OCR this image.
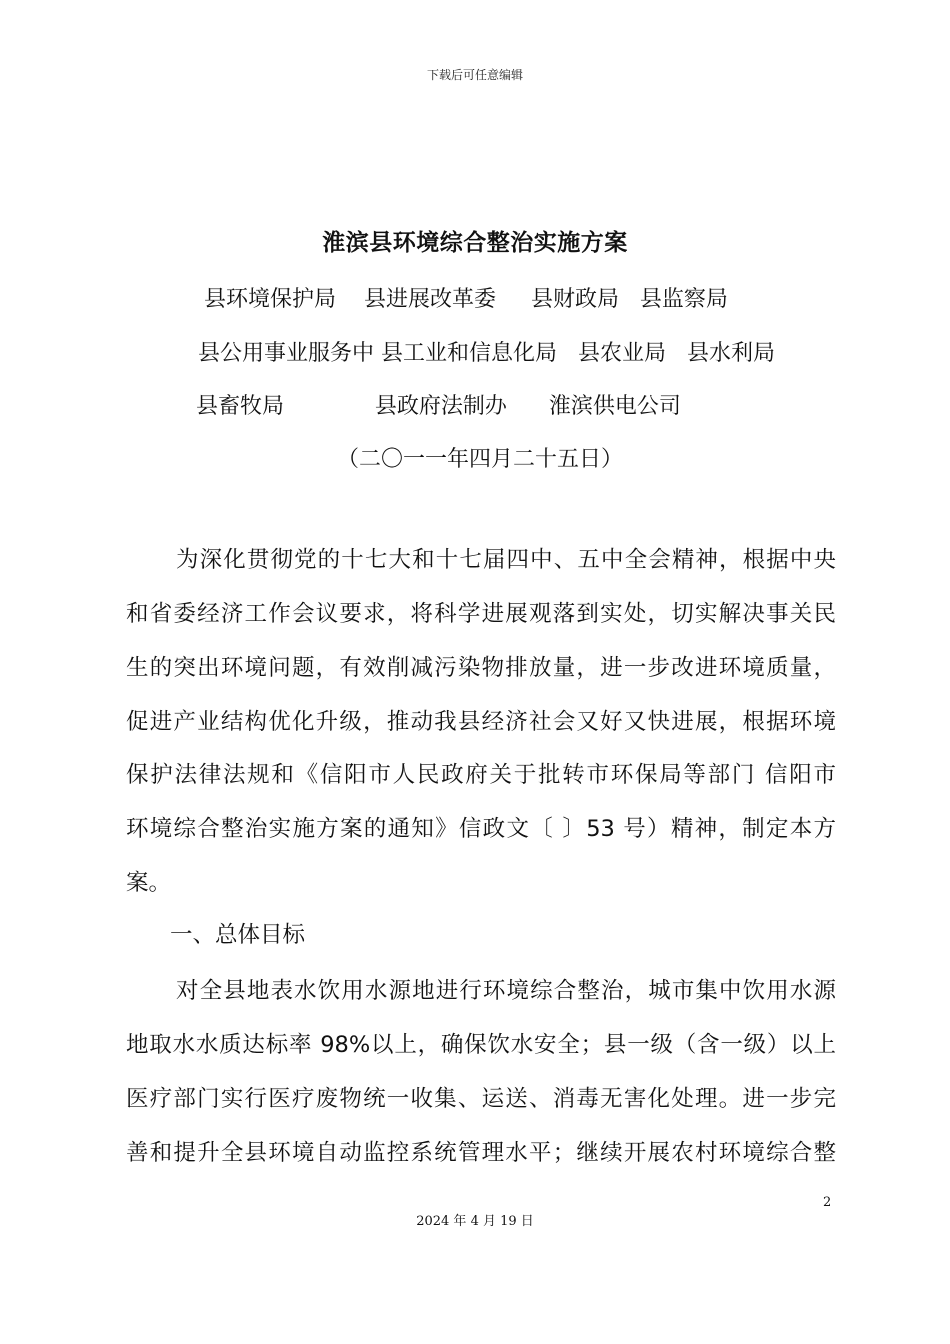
下载后可任意编辑
淮滨县环境综合整治实施方案
县环境保护局    县进展改革委     县财政局   县监察局
县公用事业服务中 县工业和信息化局   县农业局   县水利局
县畜牧局             县政府法制办      淮滨供电公司
（二〇一一年四月二十五日）
为深化贯彻党的十七大和十七届四中、五中全会精神，根据中央
和省委经济工作会议要求，将科学进展观落到实处，切实解决事关民
生的突出环境问题，有效削减污染物排放量，进一步改进环境质量，
促进产业结构优化升级，推动我县经济社会又好又快进展，根据环境
保护法律法规和《信阳市人民政府关于批转市环保局等部门 信阳市
环境综合整治实施方案的通知》信政文〔 〕53 号）精神，制定本方
案。
一、总体目标
对全县地表水饮用水源地进行环境综合整治，城市集中饮用水源
地取水水质达标率 98%以上，确保饮水安全；县一级（含一级）以上
医疗部门实行医疗废物统一收集、运送、消毒无害化处理。进一步完
善和提升全县环境自动监控系统管理水平；继续开展农村环境综合整
2
2024 年 4 月 19 日
